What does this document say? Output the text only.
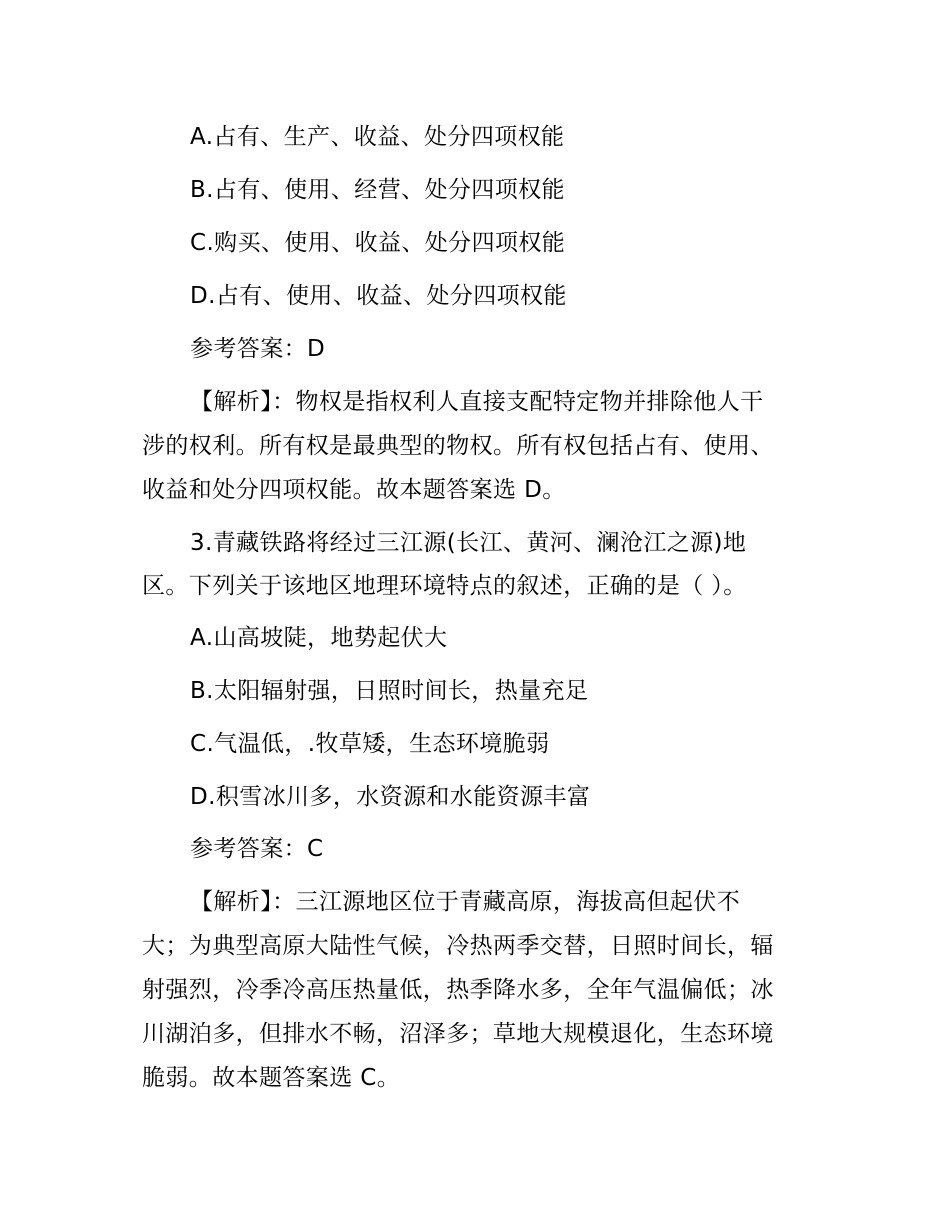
A.占有、生产、收益、处分四项权能
B.占有、使用、经营、处分四项权能
C.购买、使用、收益、处分四项权能
D.占有、使用、收益、处分四项权能
参考答案：D
【解析】：物权是指权利人直接支配特定物并排除他人干
涉的权利。所有权是最典型的物权。所有权包括占有、使用、
收益和处分四项权能。故本题答案选 D。
3.青藏铁路将经过三江源(长江、黄河、澜沧江之源)地
区。下列关于该地区地理环境特点的叙述，正确的是（ ）。
A.山高坡陡，地势起伏大
B.太阳辐射强，日照时间长，热量充足
C.气温低，.牧草矮，生态环境脆弱
D.积雪冰川多，水资源和水能资源丰富
参考答案：C
【解析】：三江源地区位于青藏高原，海拔高但起伏不
大；为典型高原大陆性气候，冷热两季交替，日照时间长，辐
射强烈，冷季冷高压热量低，热季降水多，全年气温偏低；冰
川湖泊多，但排水不畅，沼泽多；草地大规模退化，生态环境
脆弱。故本题答案选 C。
